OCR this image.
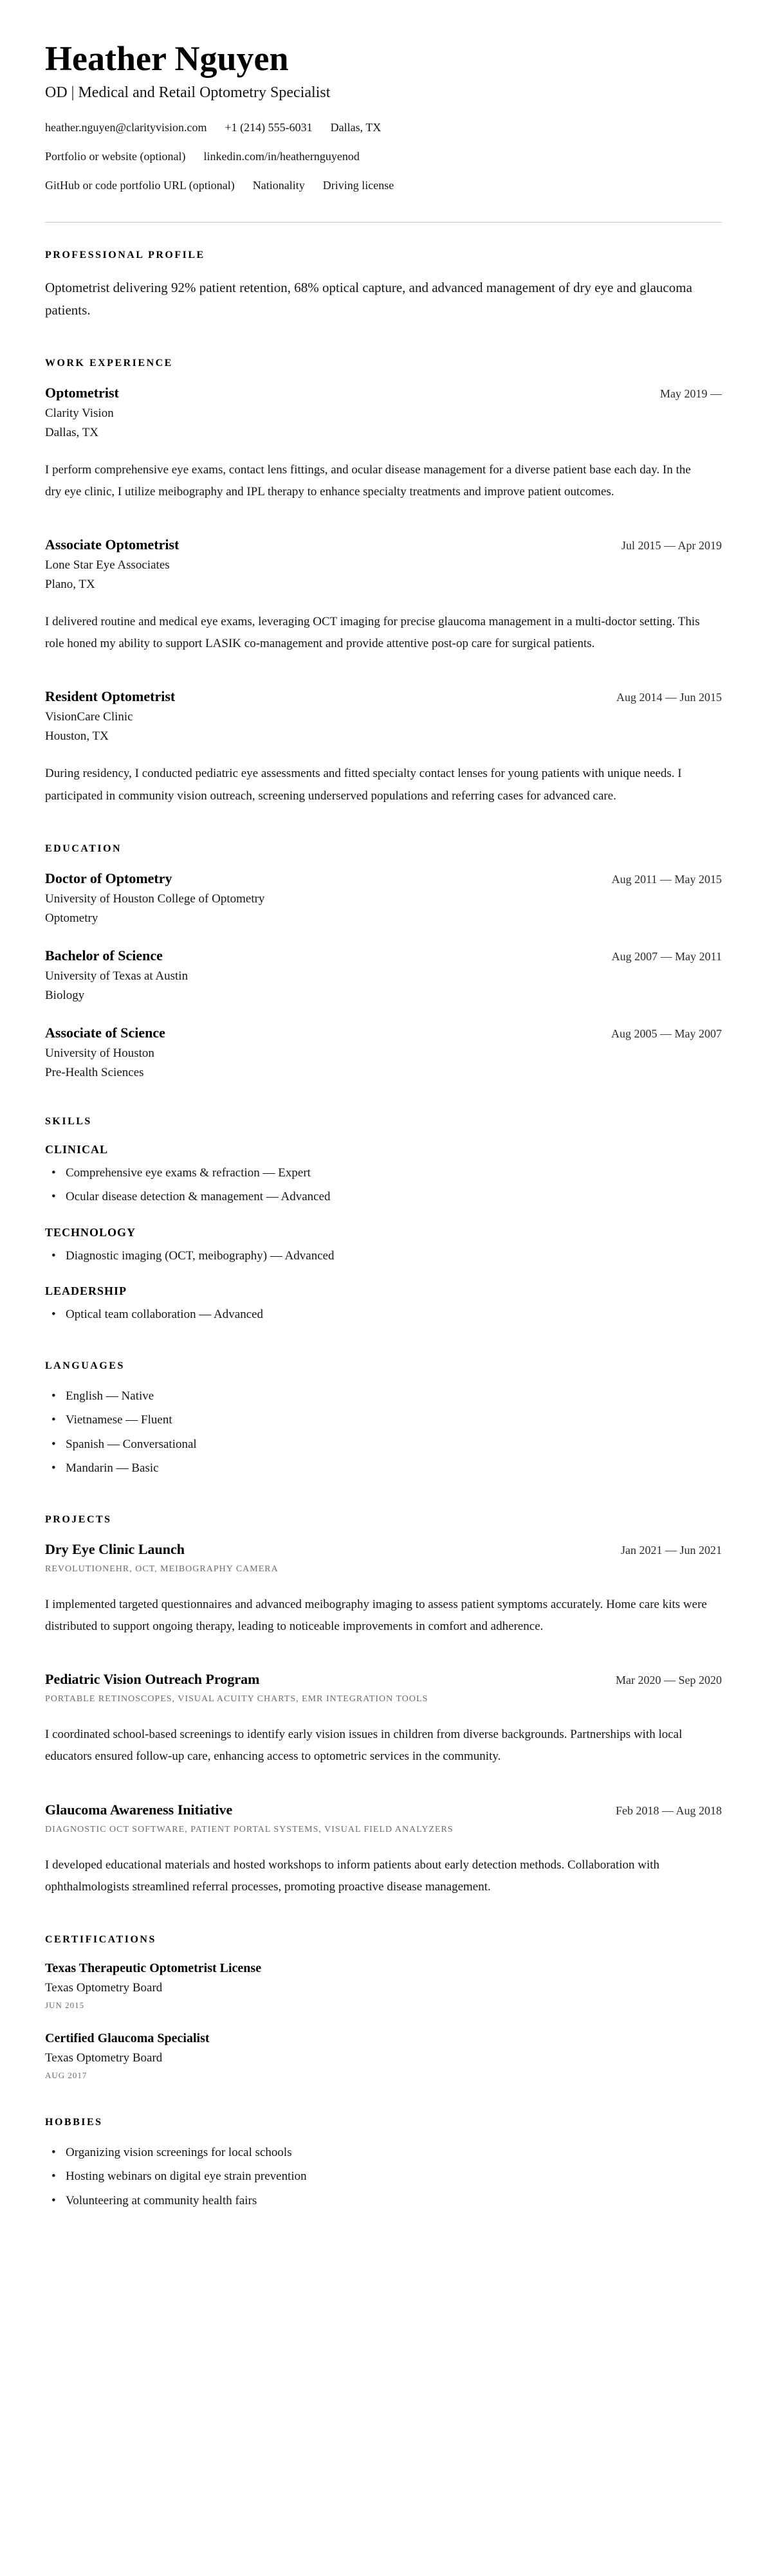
Heather Nguyen
OD | Medical and Retail Optometry Specialist
heather.nguyen@clarityvision.com +1 (214) 555-6031 Dallas, TX
Portfolio or website (optional) linkedin.com/in/heathernguyenod
GitHub or code portfolio URL (optional) Nationality Driving license
PROFESSIONAL PROFILE

Optometrist delivering 92% patient retention, 68% optical capture, and advanced management of dry eye and glaucoma patients.

WORK EXPERIENCE
Optometrist	May 2019 —
Clarity Vision
Dallas, TX

I perform comprehensive eye exams, contact lens fittings, and ocular disease management for a diverse patient base each day. In the dry eye clinic, I utilize meibography and IPL therapy to enhance specialty treatments and improve patient outcomes.

Associate Optometrist	Jul 2015 — Apr 2019
Lone Star Eye Associates
Plano, TX

I delivered routine and medical eye exams, leveraging OCT imaging for precise glaucoma management in a multi-doctor setting. This role honed my ability to support LASIK co-management and provide attentive post-op care for surgical patients.

Resident Optometrist	Aug 2014 — Jun 2015
VisionCare Clinic
Houston, TX

During residency, I conducted pediatric eye assessments and fitted specialty contact lenses for young patients with unique needs. I participated in community vision outreach, screening underserved populations and referring cases for advanced care.

EDUCATION
Doctor of Optometry	Aug 2011 — May 2015
University of Houston College of Optometry
Optometry
Bachelor of Science	Aug 2007 — May 2011
University of Texas at Austin
Biology
Associate of Science	Aug 2005 — May 2007
University of Houston
Pre-Health Sciences
SKILLS
CLINICAL
• Comprehensive eye exams & refraction — Expert
• Ocular disease detection & management — Advanced
TECHNOLOGY
• Diagnostic imaging (OCT, meibography) — Advanced
LEADERSHIP
• Optical team collaboration — Advanced
LANGUAGES
• English — Native
• Vietnamese — Fluent
• Spanish — Conversational
• Mandarin — Basic
PROJECTS
Dry Eye Clinic Launch	Jan 2021 — Jun 2021
REVOLUTIONEHR, OCT, MEIBOGRAPHY CAMERA

I implemented targeted questionnaires and advanced meibography imaging to assess patient symptoms accurately. Home care kits were distributed to support ongoing therapy, leading to noticeable improvements in comfort and adherence.

Pediatric Vision Outreach Program	Mar 2020 — Sep 2020
PORTABLE RETINOSCOPES, VISUAL ACUITY CHARTS, EMR INTEGRATION TOOLS

I coordinated school-based screenings to identify early vision issues in children from diverse backgrounds. Partnerships with local educators ensured follow-up care, enhancing access to optometric services in the community.

Glaucoma Awareness Initiative	Feb 2018 — Aug 2018
DIAGNOSTIC OCT SOFTWARE, PATIENT PORTAL SYSTEMS, VISUAL FIELD ANALYZERS

I developed educational materials and hosted workshops to inform patients about early detection methods. Collaboration with ophthalmologists streamlined referral processes, promoting proactive disease management.

CERTIFICATIONS
Texas Therapeutic Optometrist License
Texas Optometry Board
JUN 2015
Certified Glaucoma Specialist
Texas Optometry Board
AUG 2017
HOBBIES
• Organizing vision screenings for local schools
• Hosting webinars on digital eye strain prevention
• Volunteering at community health fairs
